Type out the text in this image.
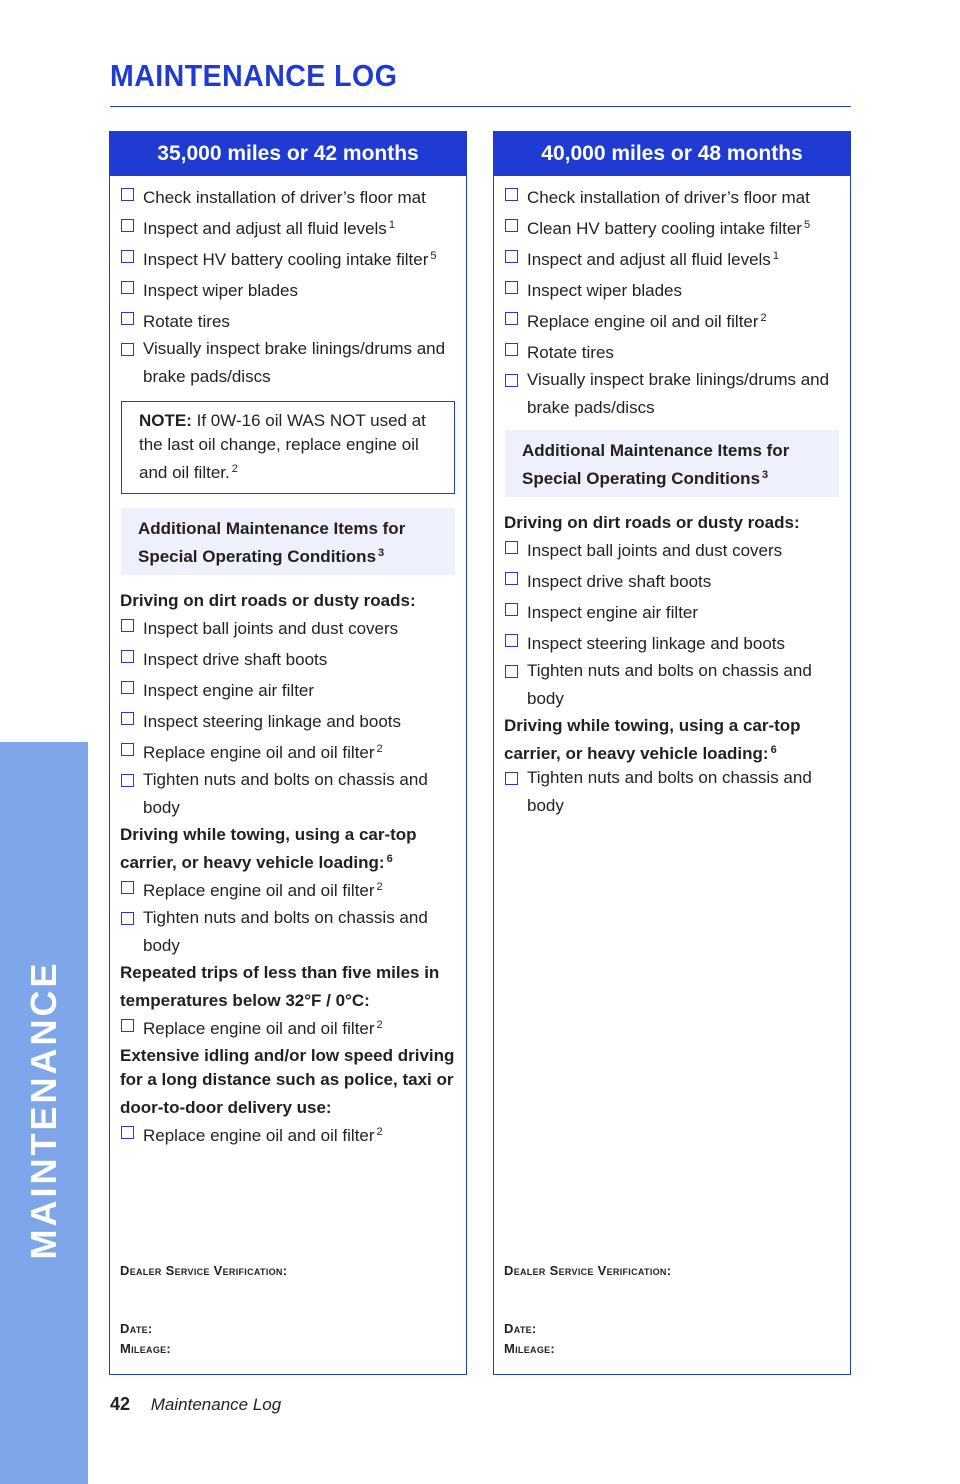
MAINTENANCE
MAINTENANCE LOG
35,000 miles or 42 months
Check installation of driver’s floor mat
Inspect and adjust all fluid levels $^1$
Inspect HV battery cooling intake filter $^5$
Inspect wiper blades
Rotate tires
Visually inspect brake linings/drums and brake pads/discs
NOTE: If 0W-16 oil WAS NOT used at the last oil change, replace engine oil and oil filter. $^2$
Additional Maintenance Items for Special Operating Conditions $^3$
Driving on dirt roads or dusty roads:
Inspect ball joints and dust covers
Inspect drive shaft boots
Inspect engine air filter
Inspect steering linkage and boots
Replace engine oil and oil filter $^2$
Tighten nuts and bolts on chassis and body
Driving while towing, using a car-top carrier, or heavy vehicle loading: $^6$
Replace engine oil and oil filter $^2$
Tighten nuts and bolts on chassis and body
Repeated trips of less than five miles in temperatures below 32°F / 0°C:
Replace engine oil and oil filter $^2$
Extensive idling and/or low speed driving for a long distance such as police, taxi or door-to-door delivery use:
Replace engine oil and oil filter $^2$
Dealer Service Verification:
Date:
Mileage:
40,000 miles or 48 months
Check installation of driver’s floor mat
Clean HV battery cooling intake filter $^5$
Inspect and adjust all fluid levels $^1$
Inspect wiper blades
Replace engine oil and oil filter $^2$
Rotate tires
Visually inspect brake linings/drums and brake pads/discs
Additional Maintenance Items for Special Operating Conditions $^3$
Driving on dirt roads or dusty roads:
Inspect ball joints and dust covers
Inspect drive shaft boots
Inspect engine air filter
Inspect steering linkage and boots
Tighten nuts and bolts on chassis and body
Driving while towing, using a car-top carrier, or heavy vehicle loading: $^6$
Tighten nuts and bolts on chassis and body
Dealer Service Verification:
Date:
Mileage:
42 Maintenance Log
